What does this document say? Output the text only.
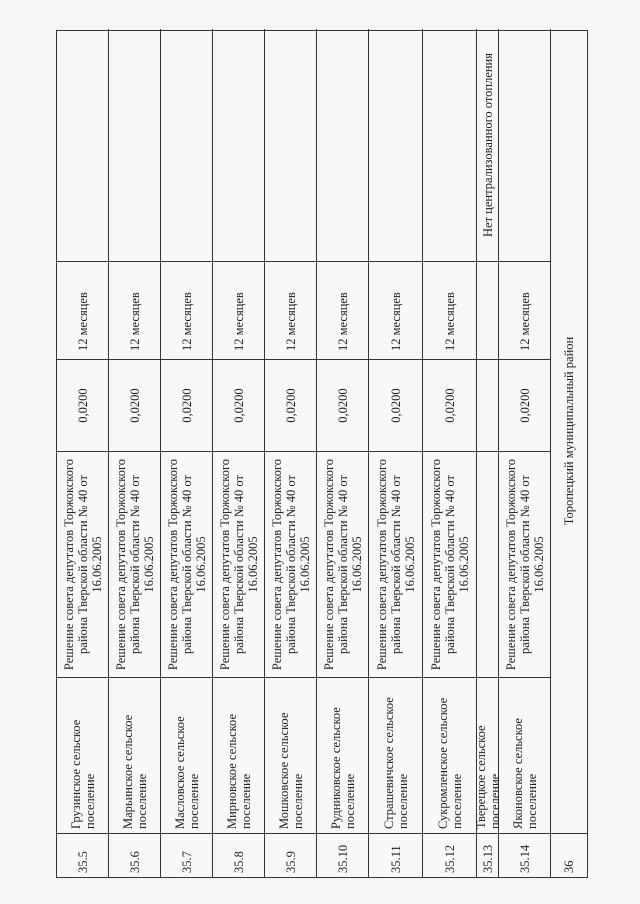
35.5
Грузинское сельское поселение
Решение совета депутатов Торжокского района Тверской области № 40 от 16.06.2005
0,0200
12 месяцев
35.6
Марьинское сельское поселение
Решение совета депутатов Торжокского района Тверской области № 40 от 16.06.2005
0,0200
12 месяцев
35.7
Масловское сельское поселение
Решение совета депутатов Торжокского района Тверской области № 40 от 16.06.2005
0,0200
12 месяцев
35.8
Мирновское сельское поселение
Решение совета депутатов Торжокского района Тверской области № 40 от 16.06.2005
0,0200
12 месяцев
35.9
Мошковское сельское поселение
Решение совета депутатов Торжокского района Тверской области № 40 от 16.06.2005
0,0200
12 месяцев
35.10
Рудниковское сельское поселение
Решение совета депутатов Торжокского района Тверской области № 40 от 16.06.2005
0,0200
12 месяцев
35.11
Страшевичское сельское поселение
Решение совета депутатов Торжокского района Тверской области № 40 от 16.06.2005
0,0200
12 месяцев
35.12
Сукромленское сельское поселение
Решение совета депутатов Торжокского района Тверской области № 40 от 16.06.2005
0,0200
12 месяцев
35.13
Тверецкое сельское поселение
Нет централизованного отопления
35.14
Яконовское сельское поселение
Решение совета депутатов Торжокского района Тверской области № 40 от 16.06.2005
0,0200
12 месяцев
36
Торопецкий муниципальный район
